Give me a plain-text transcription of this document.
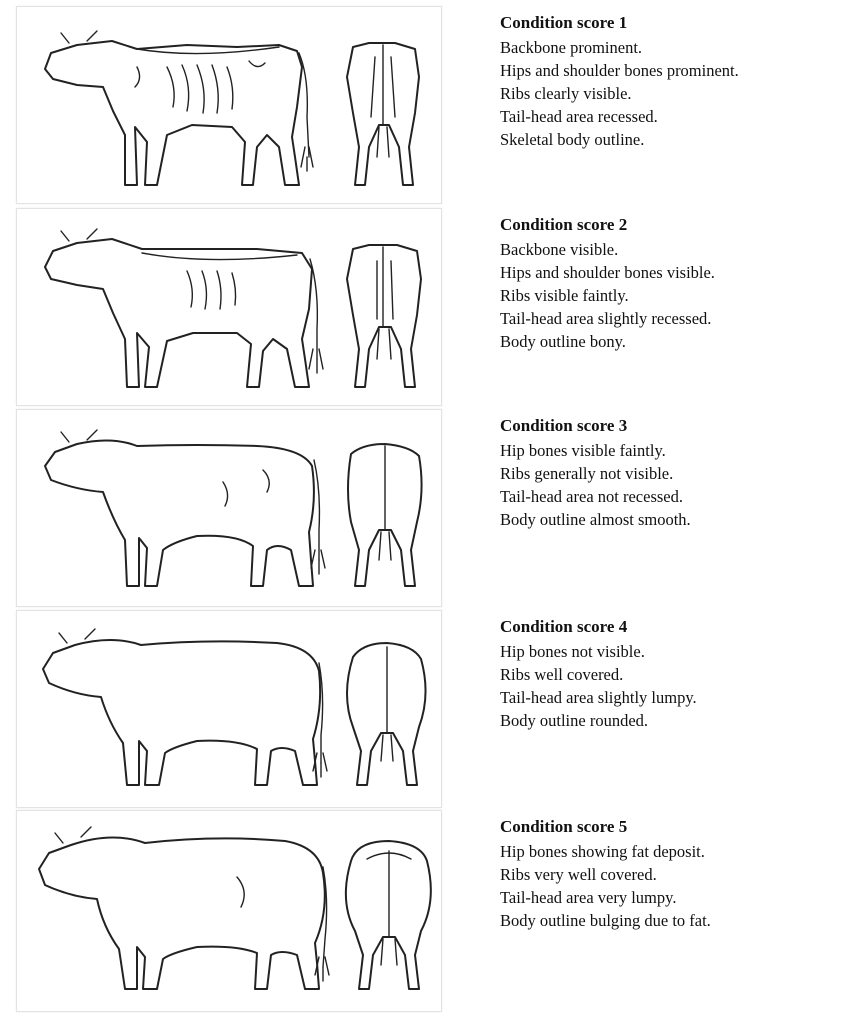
Condition score 1

Backbone prominent.

Hips and shoulder bones prominent.

Ribs clearly visible.

Tail-head area recessed.

Skeletal body outline.

Condition score 2

Backbone visible.

Hips and shoulder bones visible.

Ribs visible faintly.

Tail-head area slightly recessed.

Body outline bony.

Condition score 3

Hip bones visible faintly.

Ribs generally not visible.

Tail-head area not recessed.

Body outline almost smooth.

Condition score 4

Hip bones not visible.

Ribs well covered.

Tail-head area slightly lumpy.

Body outline rounded.

Condition score 5

Hip bones showing fat deposit.

Ribs very well covered.

Tail-head area very lumpy.

Body outline bulging due to fat.
